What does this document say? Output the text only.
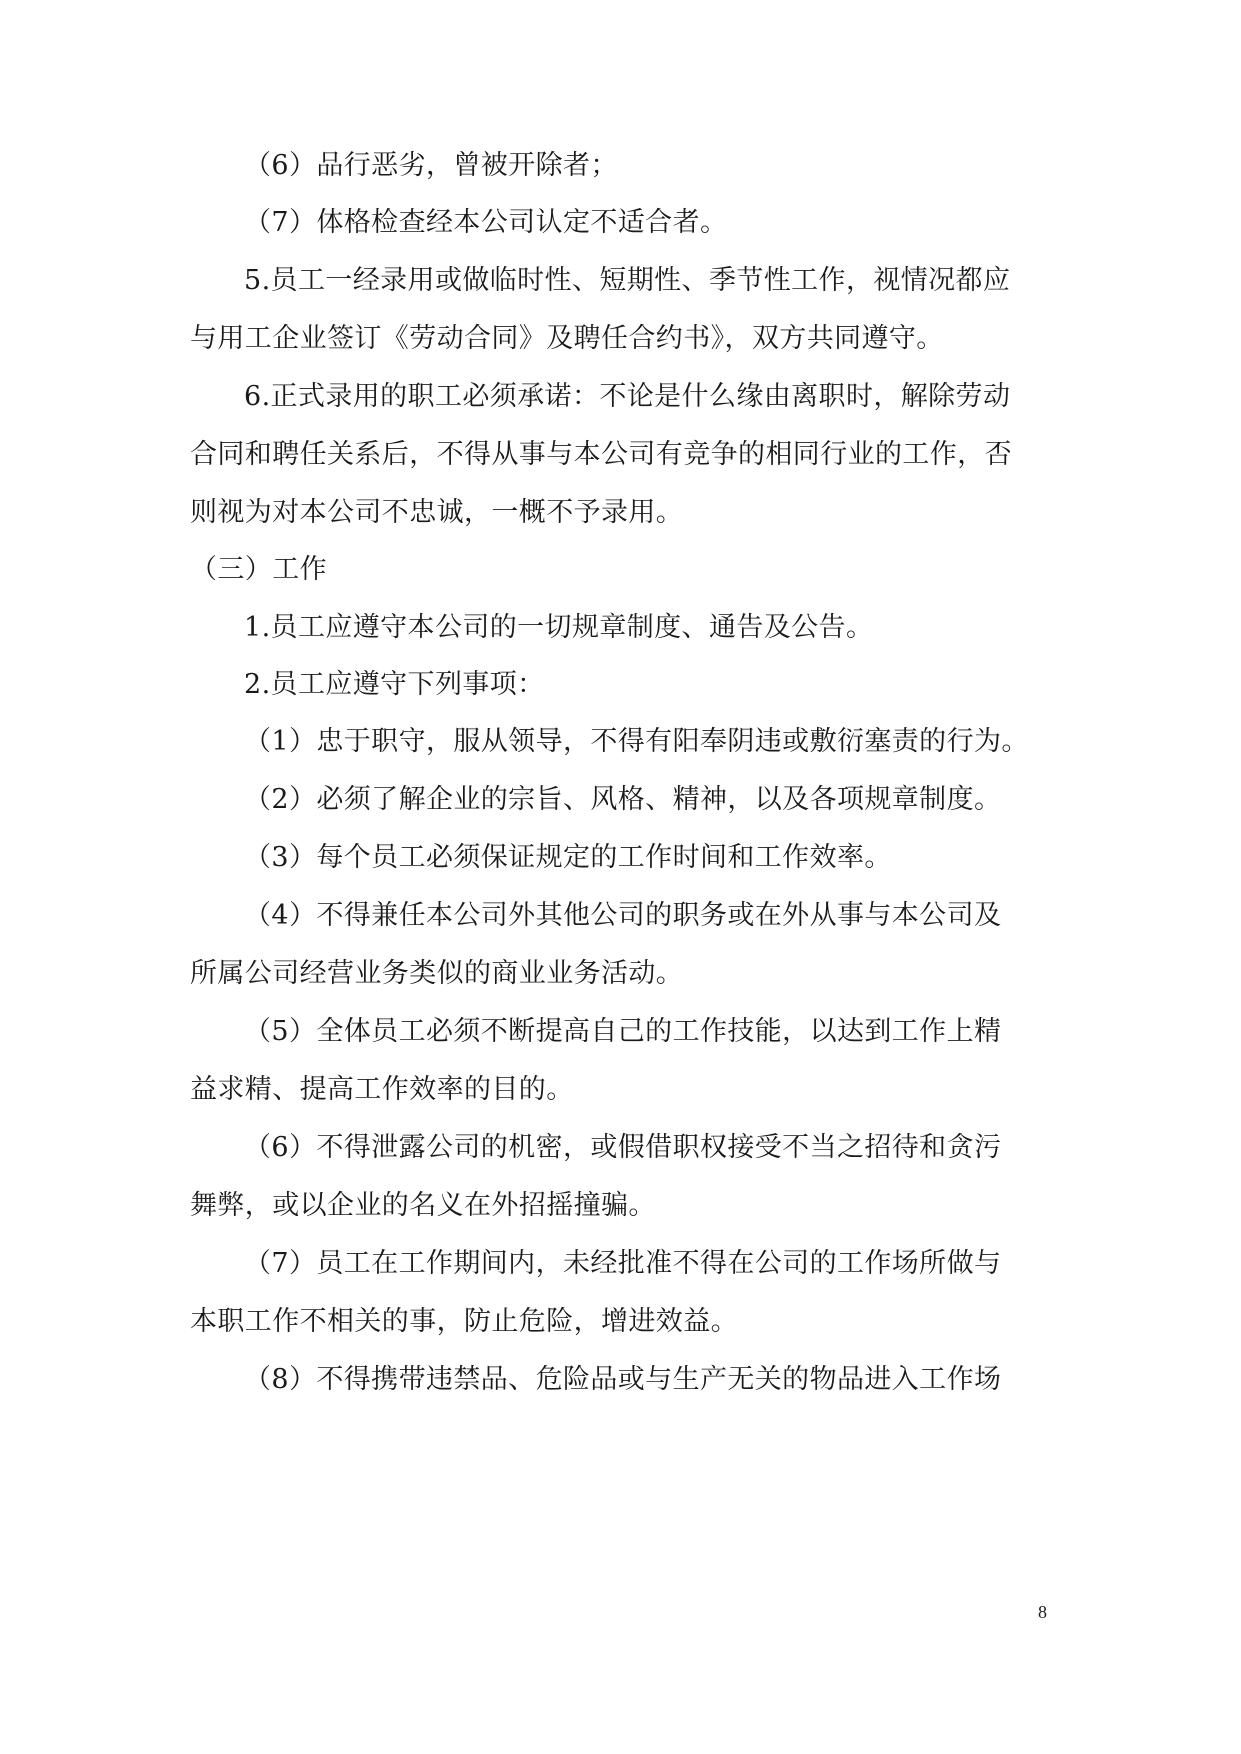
（6）品行恶劣，曾被开除者；
（7）体格检查经本公司认定不适合者。
5.员工一经录用或做临时性、短期性、季节性工作，视情况都应
与用工企业签订《劳动合同》及聘任合约书》，双方共同遵守。
6.正式录用的职工必须承诺：不论是什么缘由离职时，解除劳动
合同和聘任关系后，不得从事与本公司有竞争的相同行业的工作，否
则视为对本公司不忠诚，一概不予录用。
（三）工作
1.员工应遵守本公司的一切规章制度、通告及公告。
2.员工应遵守下列事项：
（1）忠于职守，服从领导，不得有阳奉阴违或敷衍塞责的行为。
（2）必须了解企业的宗旨、风格、精神，以及各项规章制度。
（3）每个员工必须保证规定的工作时间和工作效率。
（4）不得兼任本公司外其他公司的职务或在外从事与本公司及
所属公司经营业务类似的商业业务活动。
（5）全体员工必须不断提高自己的工作技能，以达到工作上精
益求精、提高工作效率的目的。
（6）不得泄露公司的机密，或假借职权接受不当之招待和贪污
舞弊，或以企业的名义在外招摇撞骗。
（7）员工在工作期间内，未经批准不得在公司的工作场所做与
本职工作不相关的事，防止危险，增进效益。
（8）不得携带违禁品、危险品或与生产无关的物品进入工作场
8
